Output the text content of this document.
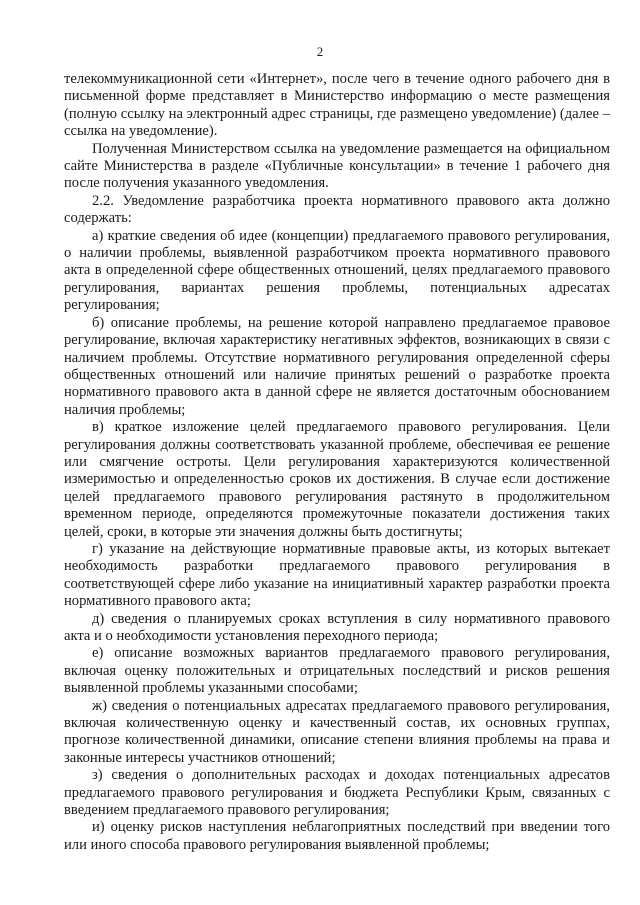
2

телекоммуникационной сети «Интернет», после чего в течение одного рабочего дня в письменной форме представляет в Министерство информацию о месте размещения (полную ссылку на электронный адрес страницы, где размещено уведомление) (далее – ссылка на уведомление).

Полученная Министерством ссылка на уведомление размещается на официальном сайте Министерства в разделе «Публичные консультации» в течение 1 рабочего дня после получения указанного уведомления.

2.2. Уведомление разработчика проекта нормативного правового акта должно содержать:

а) краткие сведения об идее (концепции) предлагаемого правового регулирования, о наличии проблемы, выявленной разработчиком проекта нормативного правового акта в определенной сфере общественных отношений, целях предлагаемого правового регулирования, вариантах решения проблемы, потенциальных адресатах регулирования;

б) описание проблемы, на решение которой направлено предлагаемое правовое регулирование, включая характеристику негативных эффектов, возникающих в связи с наличием проблемы. Отсутствие нормативного регулирования определенной сферы общественных отношений или наличие принятых решений о разработке проекта нормативного правового акта в данной сфере не является достаточным обоснованием наличия проблемы;

в) краткое изложение целей предлагаемого правового регулирования. Цели регулирования должны соответствовать указанной проблеме, обеспечивая ее решение или смягчение остроты. Цели регулирования характеризуются количественной измеримостью и определенностью сроков их достижения. В случае если достижение целей предлагаемого правового регулирования растянуто в продолжительном временном периоде, определяются промежуточные показатели достижения таких целей, сроки, в которые эти значения должны быть достигнуты;

г) указание на действующие нормативные правовые акты, из которых вытекает необходимость разработки предлагаемого правового регулирования в соответствующей сфере либо указание на инициативный характер разработки проекта нормативного правового акта;

д) сведения о планируемых сроках вступления в силу нормативного правового акта и о необходимости установления переходного периода;

е) описание возможных вариантов предлагаемого правового регулирования, включая оценку положительных и отрицательных последствий и рисков решения выявленной проблемы указанными способами;

ж) сведения о потенциальных адресатах предлагаемого правового регулирования, включая количественную оценку и качественный состав, их основных группах, прогнозе количественной динамики, описание степени влияния проблемы на права и законные интересы участников отношений;

з) сведения о дополнительных расходах и доходах потенциальных адресатов предлагаемого правового регулирования и бюджета Республики Крым, связанных с введением предлагаемого правового регулирования;

и) оценку рисков наступления неблагоприятных последствий при введении того или иного способа правового регулирования выявленной проблемы;
